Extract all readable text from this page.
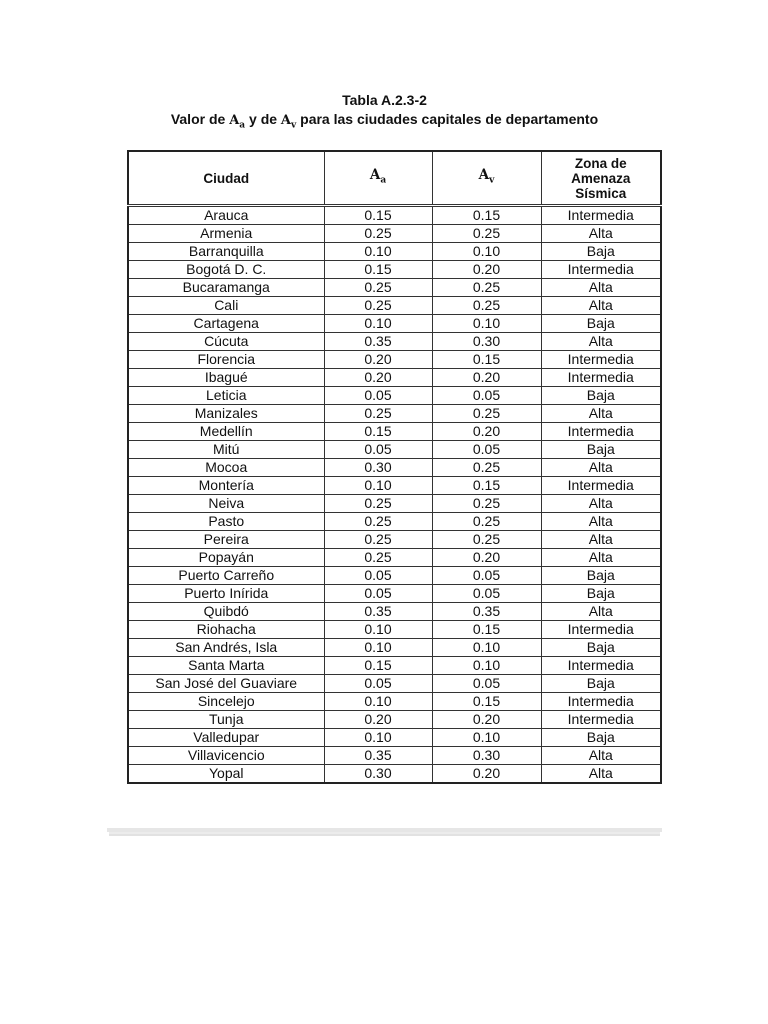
Tabla A.2.3-2
Valor de $A_a$ y de $A_v$ para las ciudades capitales de departamento
Ciudad	$A_a$	$A_v$	Zona de
Amenaza
Sísmica

Arauca	0.15	0.15	Intermedia
Armenia	0.25	0.25	Alta
Barranquilla	0.10	0.10	Baja
Bogotá D. C.	0.15	0.20	Intermedia
Bucaramanga	0.25	0.25	Alta
Cali	0.25	0.25	Alta
Cartagena	0.10	0.10	Baja
Cúcuta	0.35	0.30	Alta
Florencia	0.20	0.15	Intermedia
Ibagué	0.20	0.20	Intermedia
Leticia	0.05	0.05	Baja
Manizales	0.25	0.25	Alta
Medellín	0.15	0.20	Intermedia
Mitú	0.05	0.05	Baja
Mocoa	0.30	0.25	Alta
Montería	0.10	0.15	Intermedia
Neiva	0.25	0.25	Alta
Pasto	0.25	0.25	Alta
Pereira	0.25	0.25	Alta
Popayán	0.25	0.20	Alta
Puerto Carreño	0.05	0.05	Baja
Puerto Inírida	0.05	0.05	Baja
Quibdó	0.35	0.35	Alta
Riohacha	0.10	0.15	Intermedia
San Andrés, Isla	0.10	0.10	Baja
Santa Marta	0.15	0.10	Intermedia
San José del Guaviare	0.05	0.05	Baja
Sincelejo	0.10	0.15	Intermedia
Tunja	0.20	0.20	Intermedia
Valledupar	0.10	0.10	Baja
Villavicencio	0.35	0.30	Alta
Yopal	0.30	0.20	Alta
